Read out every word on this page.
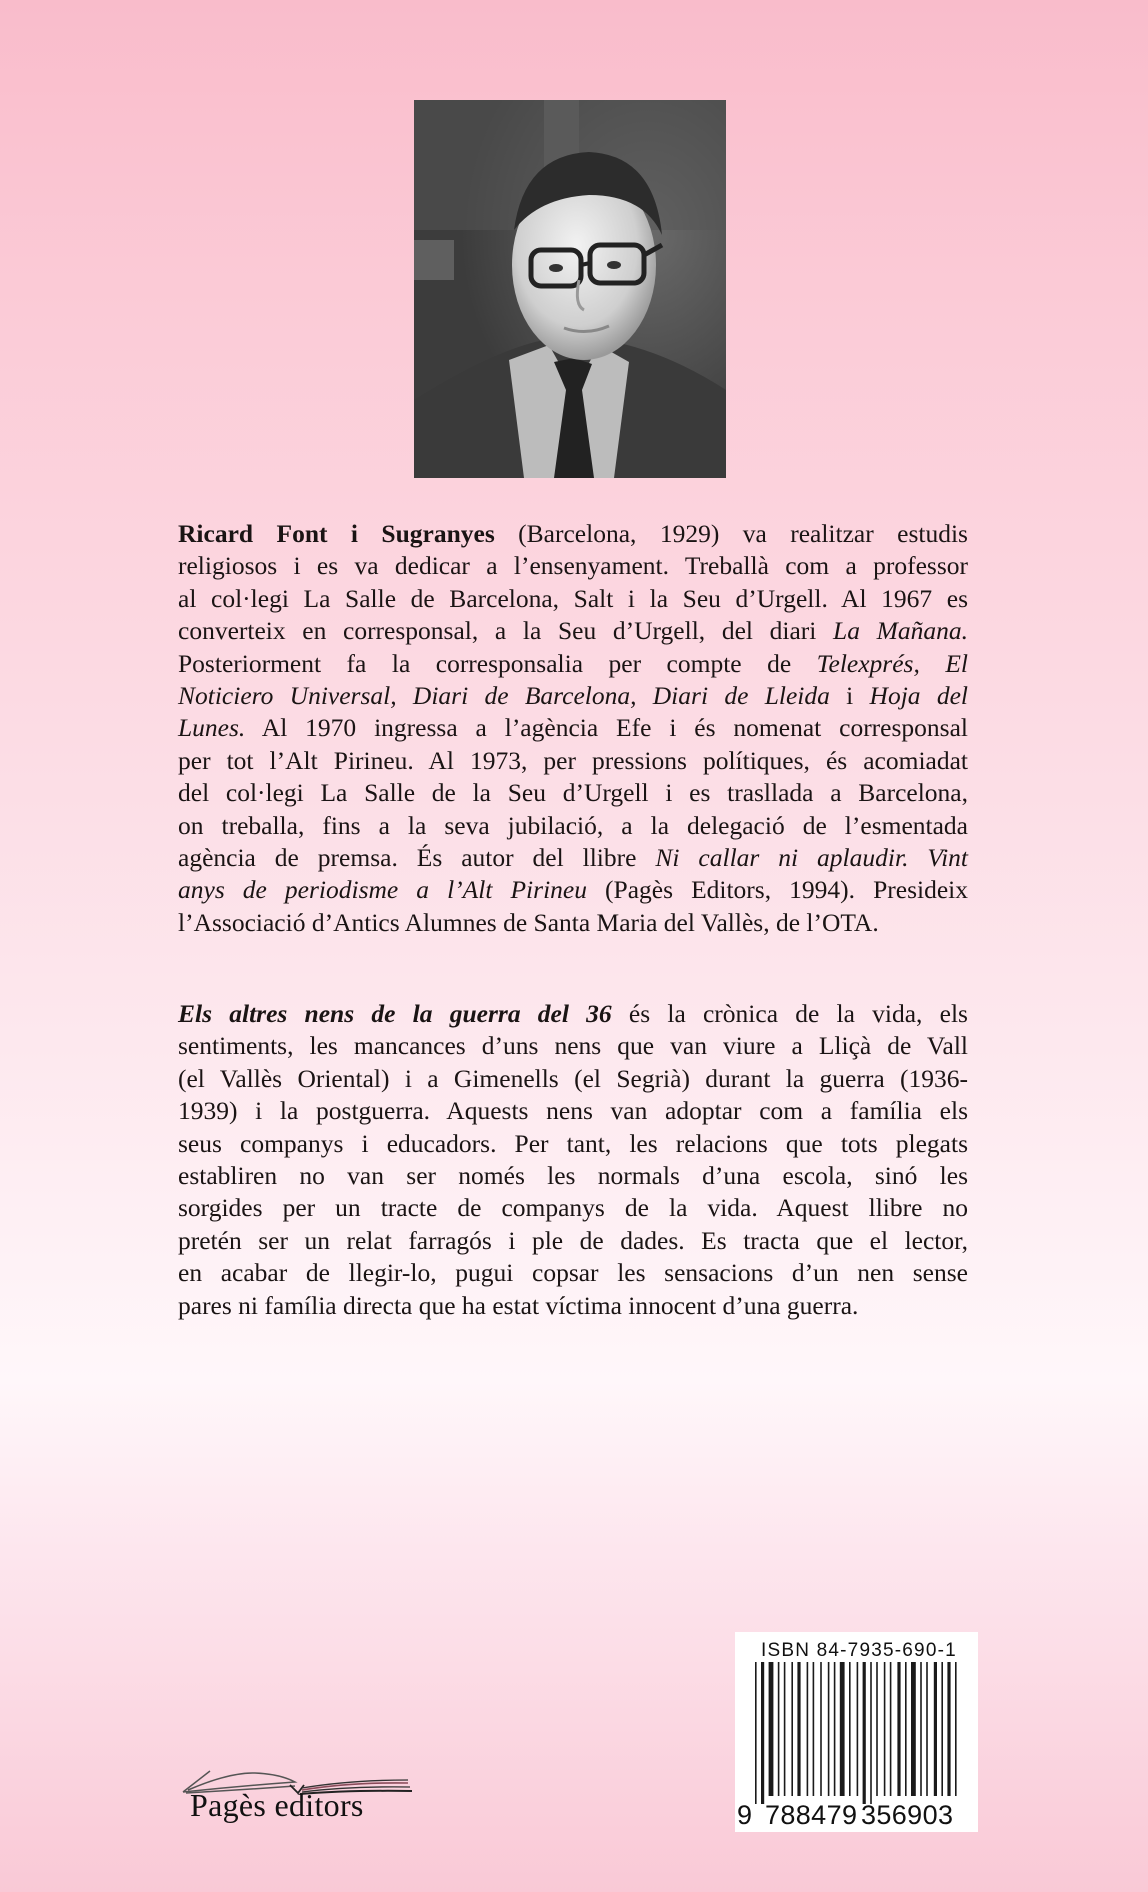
Ricard Font i Sugranyes (Barcelona, 1929) va realitzar estudis
religiosos i es va dedicar a l’ensenyament. Treballà com a professor
al col·legi La Salle de Barcelona, Salt i la Seu d’Urgell. Al 1967 es
converteix en corresponsal, a la Seu d’Urgell, del diari La Mañana.
Posteriorment fa la corresponsalia per compte de Telexprés, El
Noticiero Universal, Diari de Barcelona, Diari de Lleida i Hoja del
Lunes. Al 1970 ingressa a l’agència Efe i és nomenat corresponsal
per tot l’Alt Pirineu. Al 1973, per pressions polítiques, és acomiadat
del col·legi La Salle de la Seu d’Urgell i es trasllada a Barcelona,
on treballa, fins a la seva jubilació, a la delegació de l’esmentada
agència de premsa. És autor del llibre Ni callar ni aplaudir. Vint
anys de periodisme a l’Alt Pirineu (Pagès Editors, 1994). Presideix
l’Associació d’Antics Alumnes de Santa Maria del Vallès, de l’OTA.
Els altres nens de la guerra del 36 és la crònica de la vida, els
sentiments, les mancances d’uns nens que van viure a Lliçà de Vall
(el Vallès Oriental) i a Gimenells (el Segrià) durant la guerra (1936-
1939) i la postguerra. Aquests nens van adoptar com a família els
seus companys i educadors. Per tant, les relacions que tots plegats
establiren no van ser només les normals d’una escola, sinó les
sorgides per un tracte de companys de la vida. Aquest llibre no
pretén ser un relat farragós i ple de dades. Es tracta que el lector,
en acabar de llegir-lo, pugui copsar les sensacions d’un nen sense
pares ni família directa que ha estat víctima innocent d’una guerra.
ISBN 84-7935-690-1
9 788479 356903
Pagès editors
